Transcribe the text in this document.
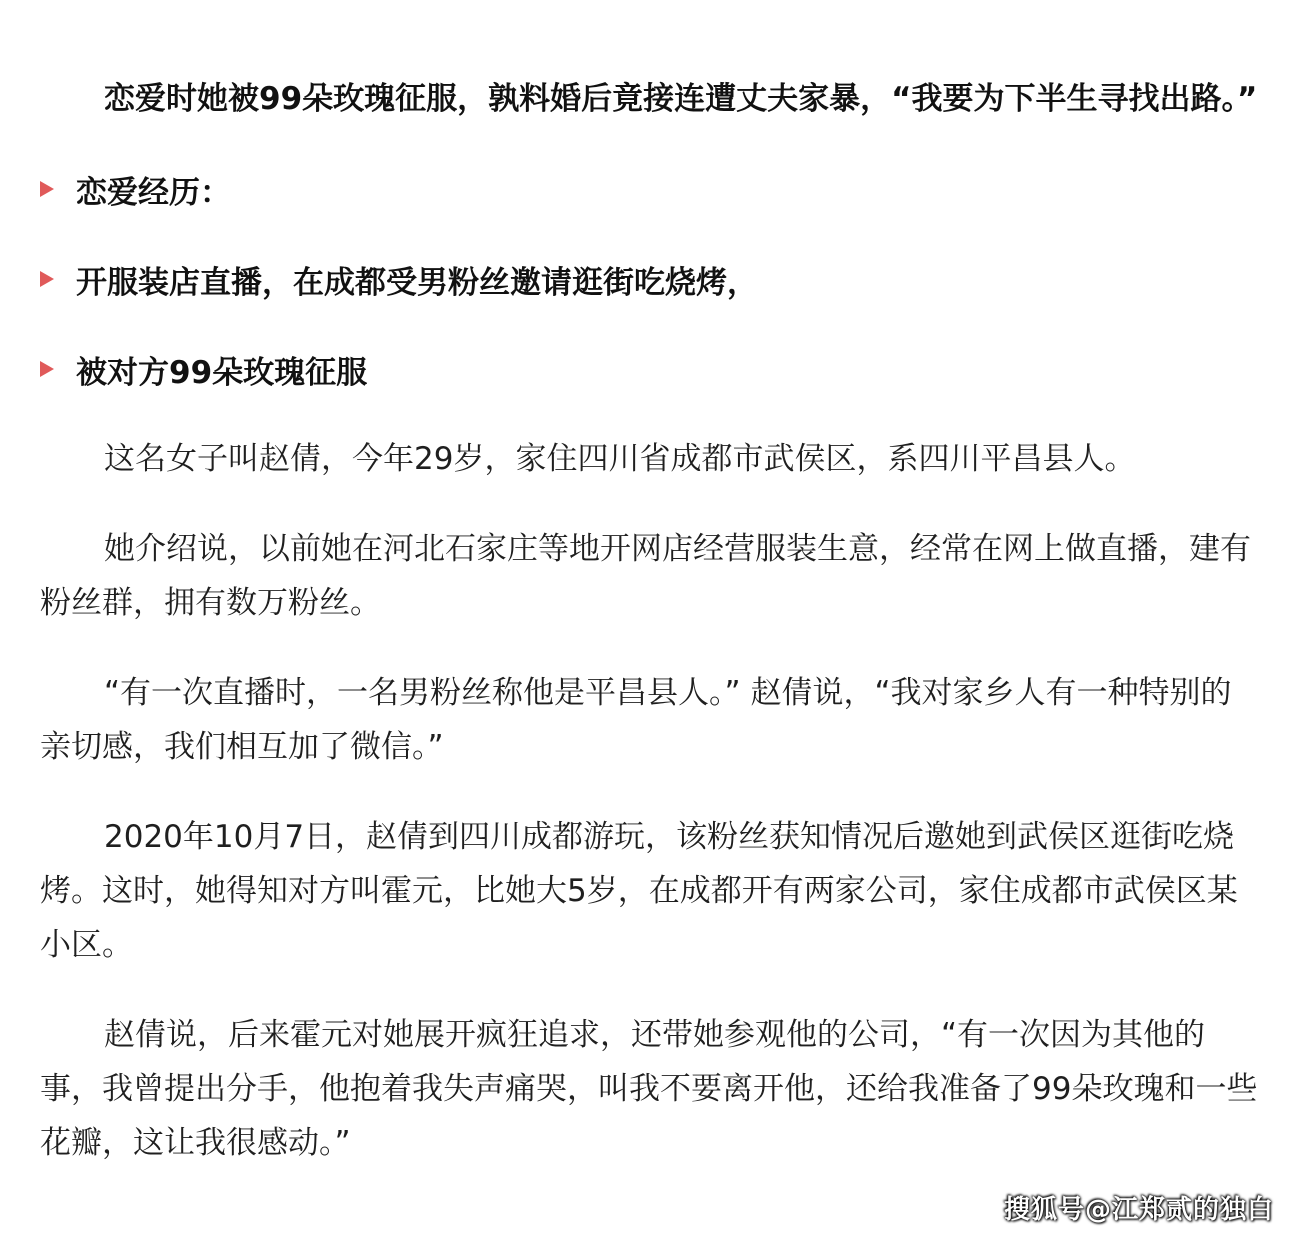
恋爱时她被99朵玫瑰征服，孰料婚后竟接连遭丈夫家暴，“我要为下半生寻找出路。”

恋爱经历：
开服装店直播，在成都受男粉丝邀请逛街吃烧烤，
被对方99朵玫瑰征服

这名女子叫赵倩，今年29岁，家住四川省成都市武侯区，系四川平昌县人。

她介绍说，以前她在河北石家庄等地开网店经营服装生意，经常在网上做直播，建有粉丝群，拥有数万粉丝。

“有一次直播时，一名男粉丝称他是平昌县人。” 赵倩说，“我对家乡人有一种特别的亲切感，我们相互加了微信。”

2020年10月7日，赵倩到四川成都游玩，该粉丝获知情况后邀她到武侯区逛街吃烧烤。这时，她得知对方叫霍元，比她大5岁，在成都开有两家公司，家住成都市武侯区某小区。

赵倩说，后来霍元对她展开疯狂追求，还带她参观他的公司，“有一次因为其他的事，我曾提出分手，他抱着我失声痛哭，叫我不要离开他，还给我准备了99朵玫瑰和一些花瓣，这让我很感动。”

搜狐号@江郑贰的独白
